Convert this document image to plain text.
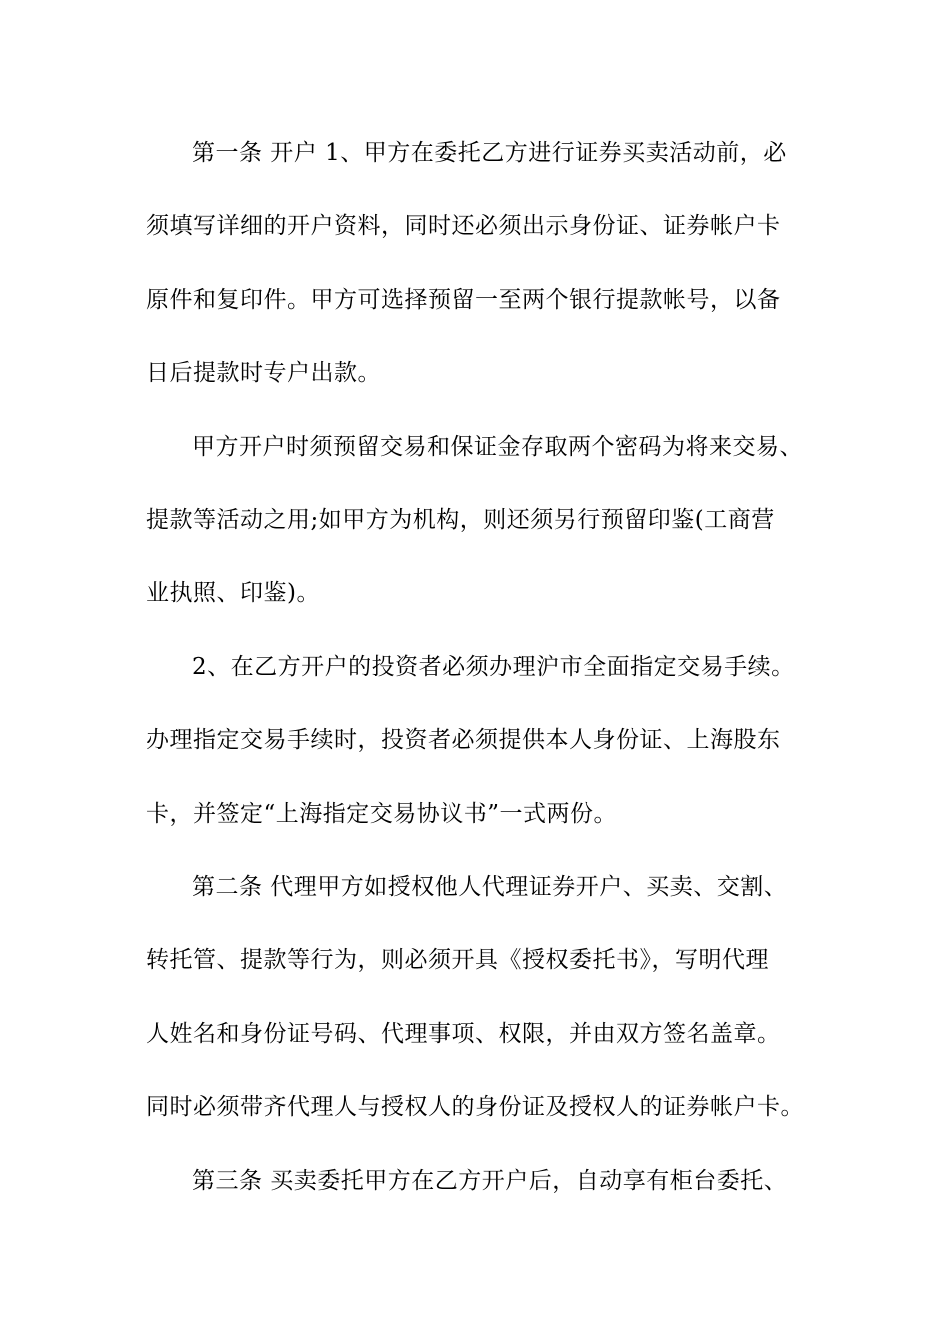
第一条 开户 1、甲方在委托乙方进行证券买卖活动前，必
须填写详细的开户资料，同时还必须出示身份证、证券帐户卡
原件和复印件。甲方可选择预留一至两个银行提款帐号，以备
日后提款时专户出款。
甲方开户时须预留交易和保证金存取两个密码为将来交易、
提款等活动之用;如甲方为机构，则还须另行预留印鉴(工商营
业执照、印鉴)。
2、在乙方开户的投资者必须办理沪市全面指定交易手续。
办理指定交易手续时，投资者必须提供本人身份证、上海股东
卡，并签定“上海指定交易协议书”一式两份。
第二条 代理甲方如授权他人代理证券开户、买卖、交割、
转托管、提款等行为，则必须开具《授权委托书》，写明代理
人姓名和身份证号码、代理事项、权限，并由双方签名盖章。
同时必须带齐代理人与授权人的身份证及授权人的证券帐户卡。
第三条 买卖委托甲方在乙方开户后，自动享有柜台委托、
